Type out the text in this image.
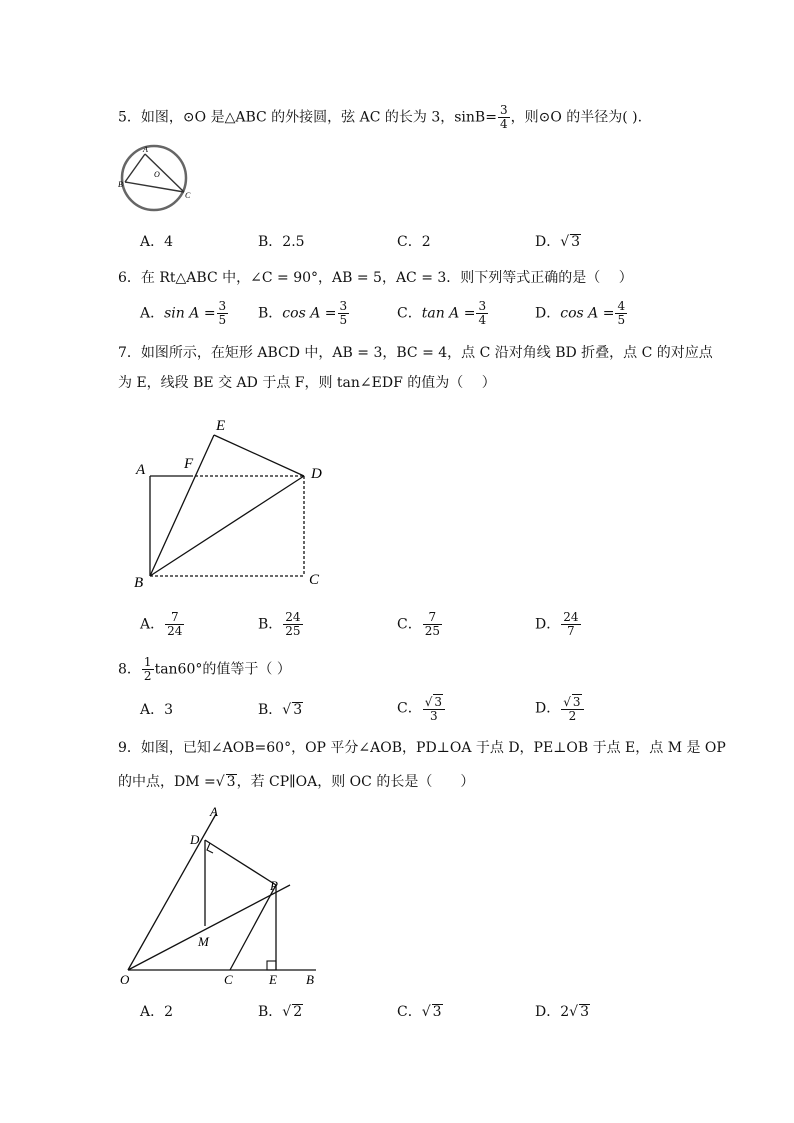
5．如图，⊙O 是△ABC 的外接圆，弦 AC 的长为 3，$\sin B= \frac{3}{4}$ ，则⊙O 的半径为( ).
A
B
C
O
A．4	B．2.5	C．2	D．√ 3
6．在 Rt△ABC 中，∠C = 90°，AB = 5，AC = 3．则下列等式正确的是（　 ）
A．$\sin A = \frac{3}{5}$ B．$\cos A = \frac{3}{5}$	C．$\tan A = \frac{3}{4}$	D．$\cos A = \frac{4}{5}$
7．如图所示，在矩形 ABCD 中，AB = 3，BC = 4，点 C 沿对角线 BD 折叠，点 C 的对应点
为 E，线段 BE 交 AD 于点 F，则 tan∠EDF 的值为（　 ）
A
B	C
D
E
F
A． $\frac{7}{24}$	B． $\frac{24}{25}$	C． $\frac{7}{25}$	D． $\frac{24}{7}$
8． $\frac{1}{2} \tan 60^\circ$的值等于（ ）
A．3	B．√ 3	C． $\frac{√ 3}{3}$	D． $\frac{√ 3}{2}$
9．如图，已知∠AOB=60°，OP 平分∠AOB，PD⊥OA 于点 D，PE⊥OB 于点 E，点 M 是 OP
的中点，DM =√ 3，若 CP∥OA，则 OC 的长是（　　）
A
D
P
M
O	C	E B
A．2	B．√ 2	C．√ 3	D．2√ 3
